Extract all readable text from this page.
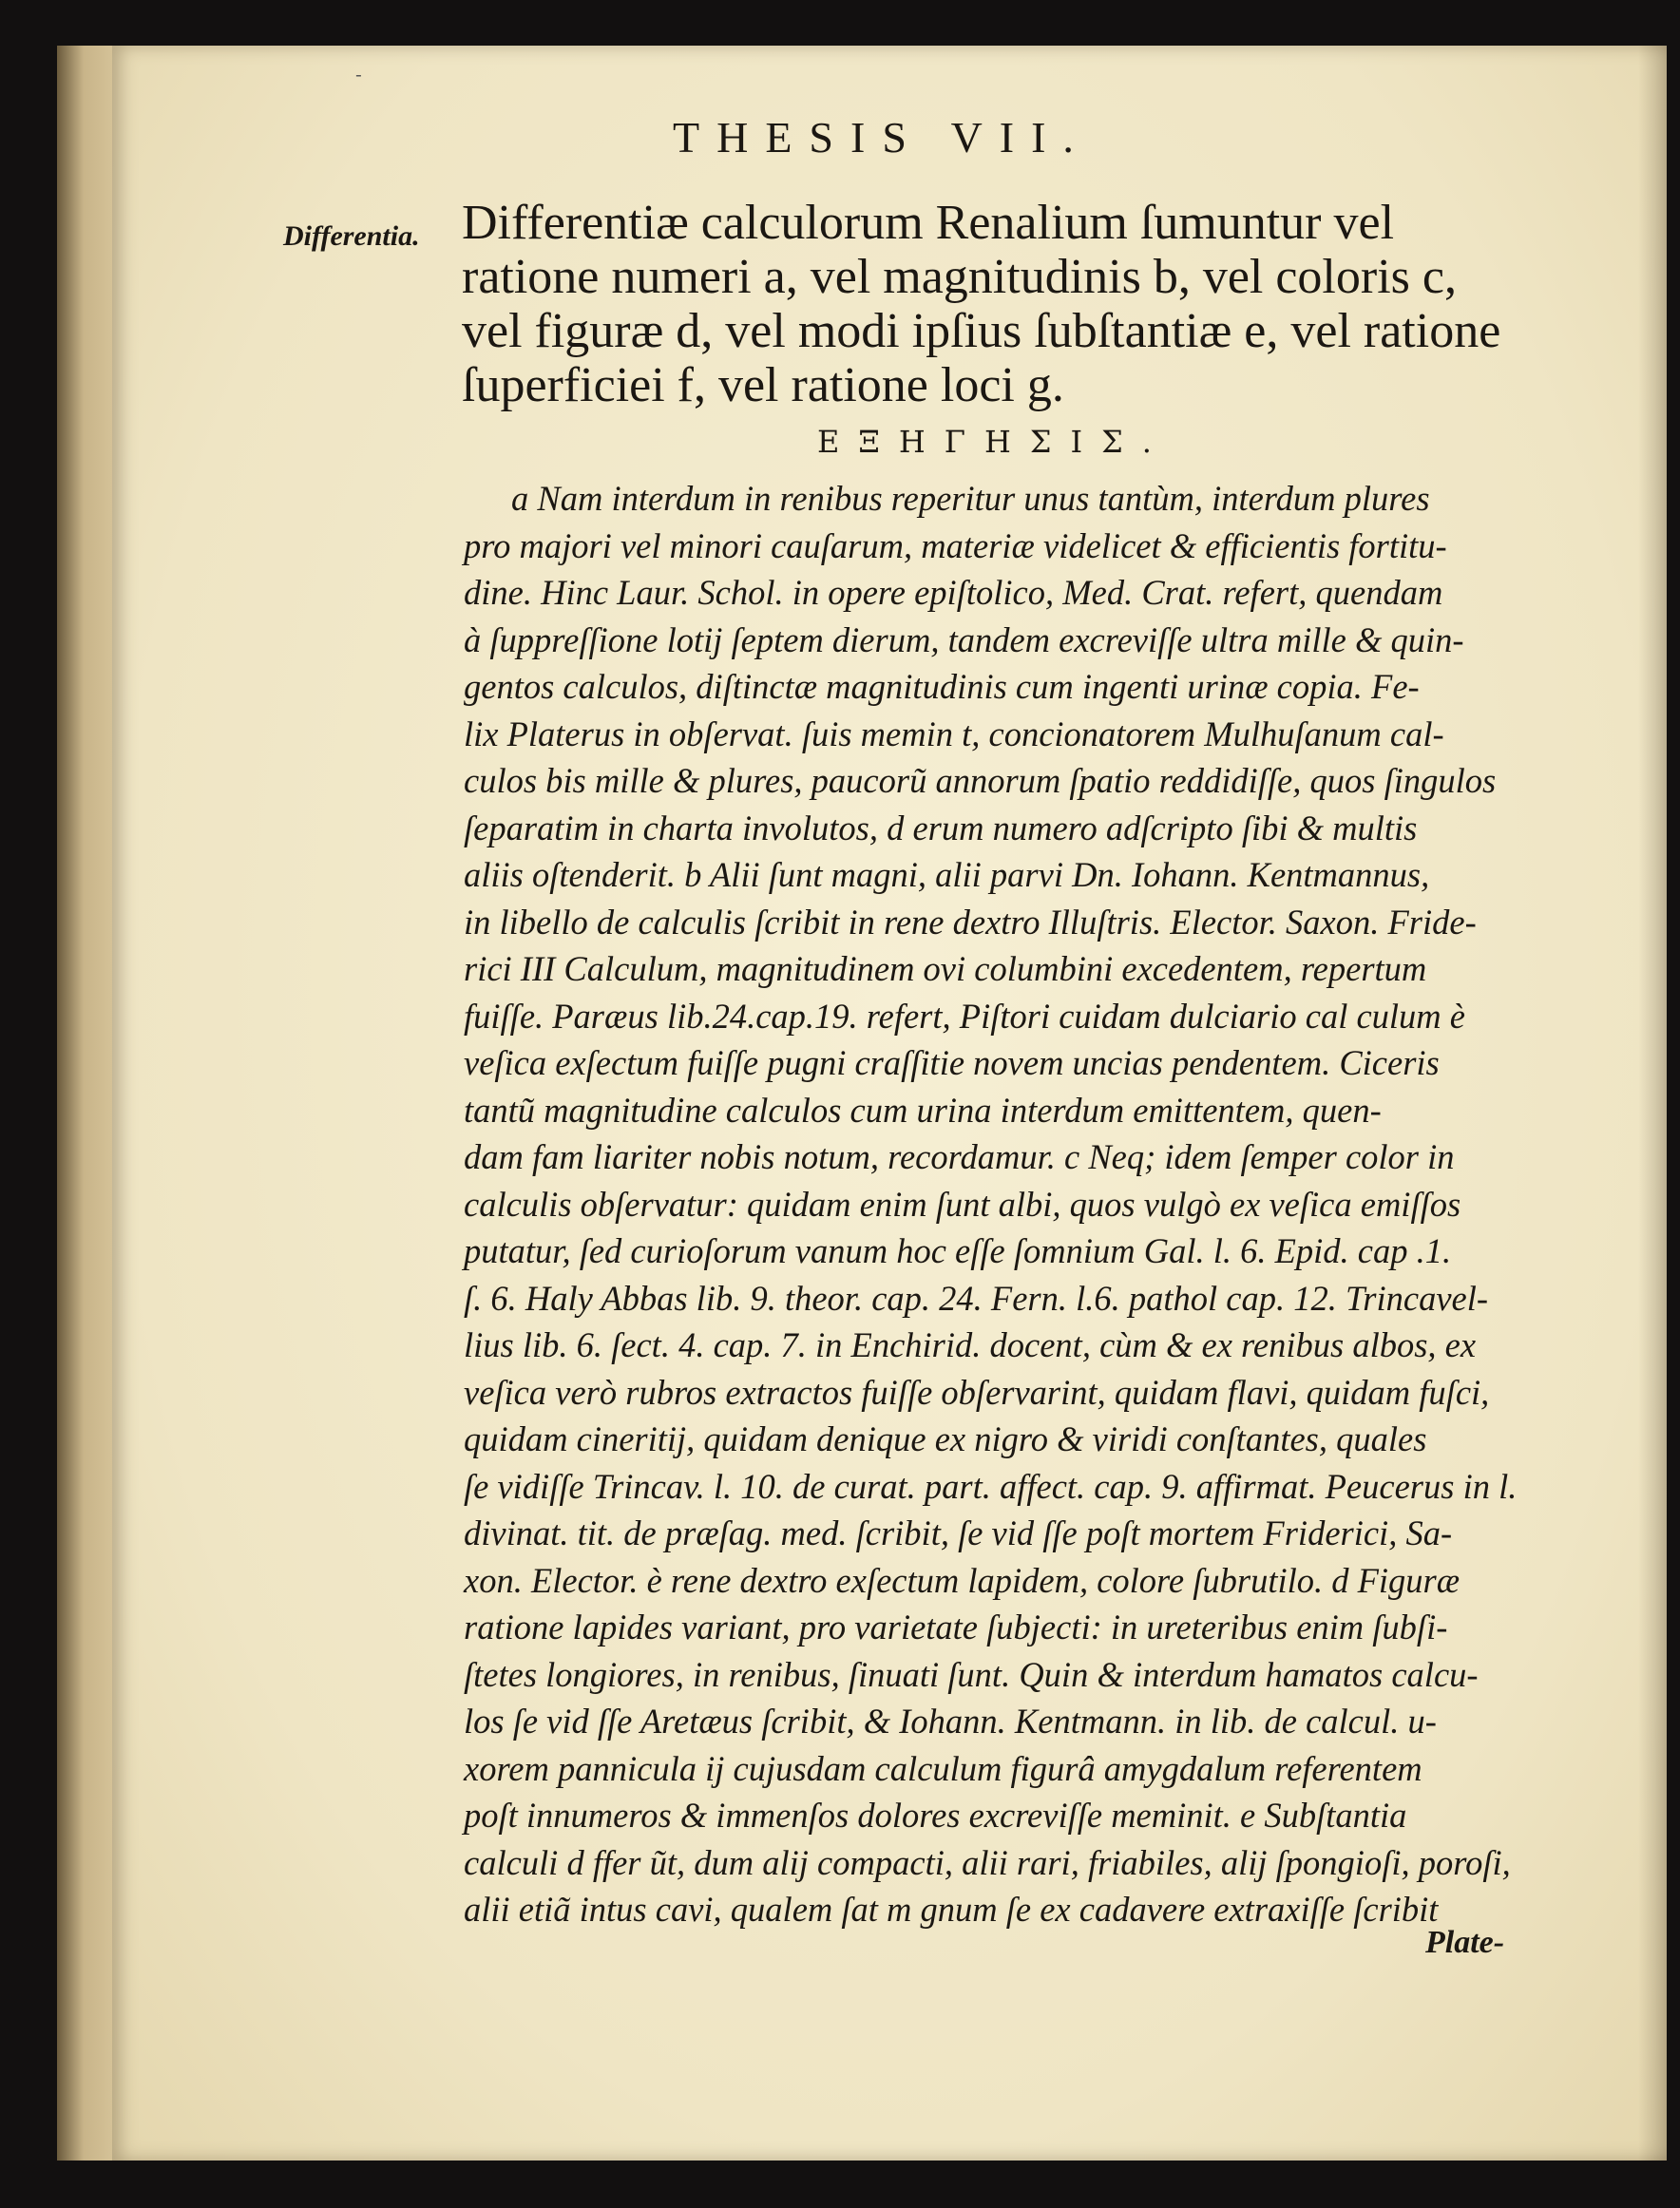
-
THESIS VII.
Differentia. Differentiæ calculorum Renalium ſumuntur vel
ratione numeri a, vel magnitudinis b, vel coloris c,
vel figuræ d, vel modi ipſius ſubſtantiæ e, vel ratione
ſuperficiei f, vel ratione loci g.
ΕΞΗΓΗΣΙΣ.
a Nam interdum in renibus reperitur unus tantùm, interdum plures
pro majori vel minori cauſarum, materiæ videlicet & efficientis fortitu-
dine. Hinc Laur. Schol. in opere epiſtolico, Med. Crat. refert, quendam
à ſuppreſſione lotij ſeptem dierum, tandem excreviſſe ultra mille & quin-
gentos calculos, diſtinctæ magnitudinis cum ingenti urinæ copia. Fe-
lix Platerus in obſervat. ſuis memin t, concionatorem Mulhuſanum cal-
culos bis mille & plures, paucorũ annorum ſpatio reddidiſſe, quos ſingulos
ſeparatim in charta involutos, d erum numero adſcripto ſibi & multis
aliis oſtenderit. b Alii ſunt magni, alii parvi Dn. Iohann. Kentmannus,
in libello de calculis ſcribit in rene dextro Illuſtris. Elector. Saxon. Fride-
rici III Calculum, magnitudinem ovi columbini excedentem, repertum
fuiſſe. Paræus lib.24.cap.19. refert, Piſtori cuidam dulciario cal culum è
veſica exſectum fuiſſe pugni craſſitie novem uncias pendentem. Ciceris
tantũ magnitudine calculos cum urina interdum emittentem, quen-
dam fam liariter nobis notum, recordamur. c Neq; idem ſemper color in
calculis obſervatur: quidam enim ſunt albi, quos vulgò ex veſica emiſſos
putatur, ſed curioſorum vanum hoc eſſe ſomnium Gal. l. 6. Epid. cap .1.
ſ. 6. Haly Abbas lib. 9. theor. cap. 24. Fern. l.6. pathol cap. 12. Trincavel-
lius lib. 6. ſect. 4. cap. 7. in Enchirid. docent, cùm & ex renibus albos, ex
veſica verò rubros extractos fuiſſe obſervarint, quidam flavi, quidam fuſci,
quidam cineritij, quidam denique ex nigro & viridi conſtantes, quales
ſe vidiſſe Trincav. l. 10. de curat. part. affect. cap. 9. affirmat. Peucerus in l.
divinat. tit. de præſag. med. ſcribit, ſe vid ſſe poſt mortem Friderici, Sa-
xon. Elector. è rene dextro exſectum lapidem, colore ſubrutilo. d Figuræ
ratione lapides variant, pro varietate ſubjecti: in ureteribus enim ſubſi-
ſtetes longiores, in renibus, ſinuati ſunt. Quin & interdum hamatos calcu-
los ſe vid ſſe Aretæus ſcribit, & Iohann. Kentmann. in lib. de calcul. u-
xorem pannicula ij cujusdam calculum figurâ amygdalum referentem
poſt innumeros & immenſos dolores excreviſſe meminit. e Subſtantia
calculi d ffer ũt, dum alij compacti, alii rari, friabiles, alij ſpongioſi, poroſi,
alii etiã intus cavi, qualem ſat m gnum ſe ex cadavere extraxiſſe ſcribit
Plate-
